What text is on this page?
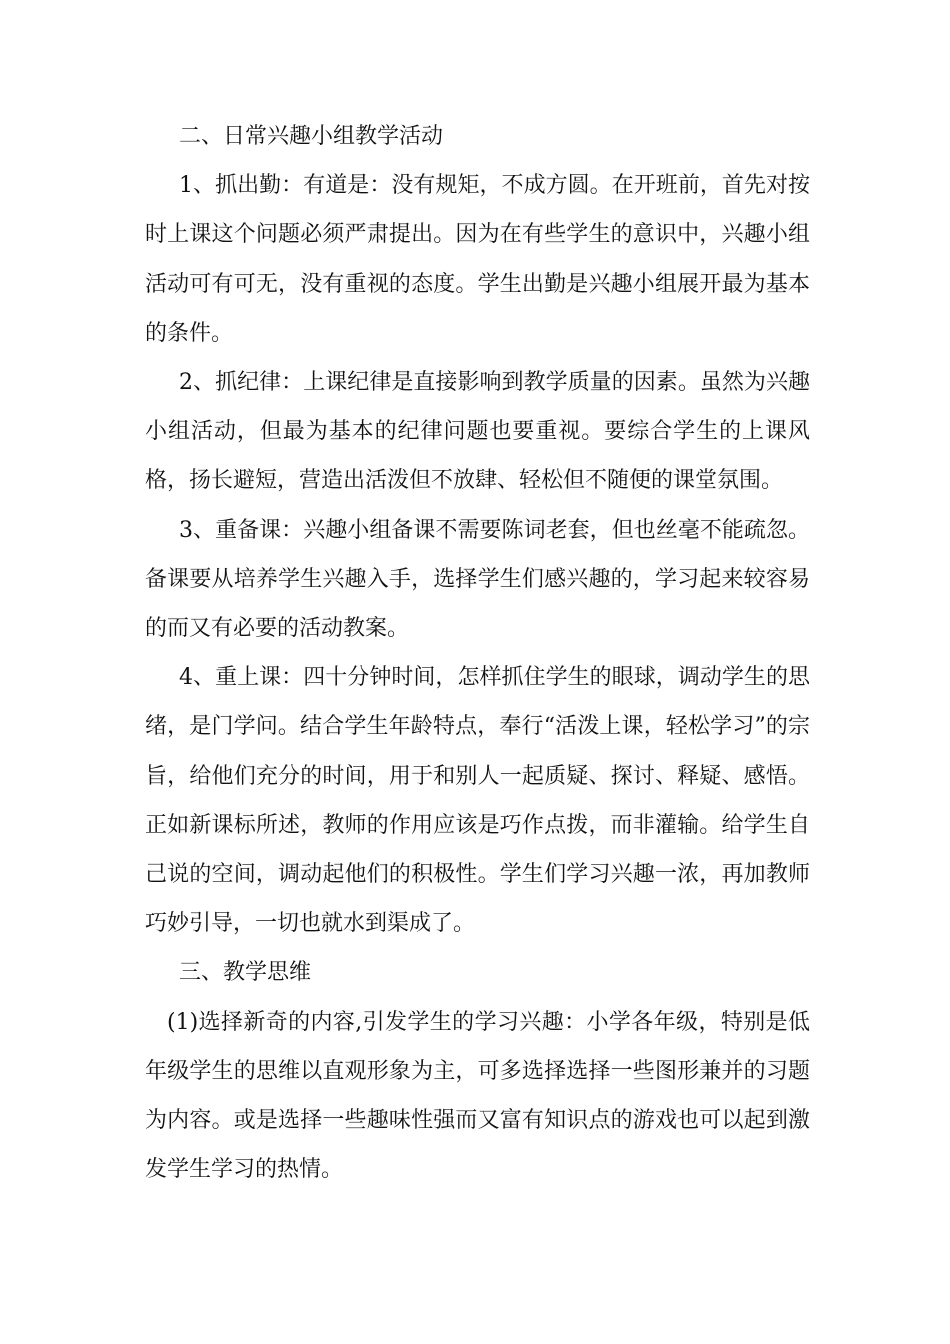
二、日常兴趣小组教学活动

1、抓出勤：有道是：没有规矩，不成方圆。在开班前，首先对按时上课这个问题必须严肃提出。因为在有些学生的意识中，兴趣小组活动可有可无，没有重视的态度。学生出勤是兴趣小组展开最为基本的条件。

2、抓纪律：上课纪律是直接影响到教学质量的因素。虽然为兴趣小组活动，但最为基本的纪律问题也要重视。要综合学生的上课风格，扬长避短，营造出活泼但不放肆、轻松但不随便的课堂氛围。

3、重备课：兴趣小组备课不需要陈词老套，但也丝毫不能疏忽。备课要从培养学生兴趣入手，选择学生们感兴趣的，学习起来较容易的而又有必要的活动教案。

4、重上课：四十分钟时间，怎样抓住学生的眼球，调动学生的思绪，是门学问。结合学生年龄特点，奉行“活泼上课，轻松学习”的宗旨，给他们充分的时间，用于和别人一起质疑、探讨、释疑、感悟。正如新课标所述，教师的作用应该是巧作点拨，而非灌输。给学生自己说的空间，调动起他们的积极性。学生们学习兴趣一浓，再加教师巧妙引导，一切也就水到渠成了。

三、教学思维

(1)选择新奇的内容,引发学生的学习兴趣：小学各年级，特别是低年级学生的思维以直观形象为主，可多选择选择一些图形兼并的习题为内容。或是选择一些趣味性强而又富有知识点的游戏也可以起到激发学生学习的热情。
